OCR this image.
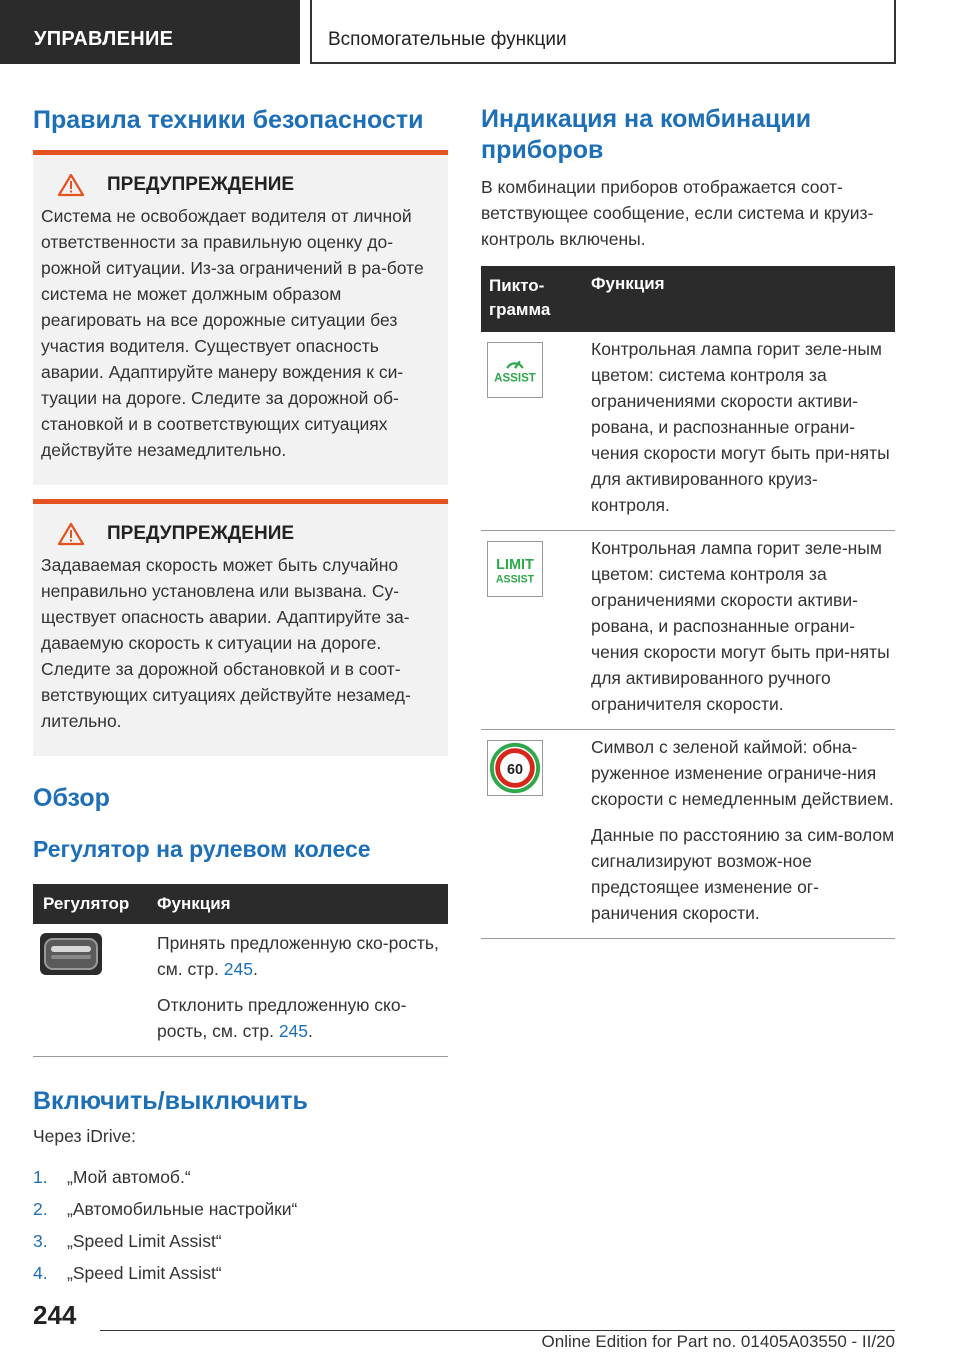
УПРАВЛЕНИЕ	Вспомогательные функции
Правила техники безопасности
ПРЕДУПРЕЖДЕНИЕ
Система не освобождает водителя от личной ответственности за правильную оценку до-рожной ситуации. Из-за ограничений в ра-боте система не может должным образом реагировать на все дорожные ситуации без участия водителя. Существует опасность аварии. Адаптируйте манеру вождения к си-туации на дороге. Следите за дорожной об-становкой и в соответствующих ситуациях действуйте незамедлительно.
ПРЕДУПРЕЖДЕНИЕ
Задаваемая скорость может быть случайно неправильно установлена или вызвана. Су-ществует опасность аварии. Адаптируйте за-даваемую скорость к ситуации на дороге. Следите за дорожной обстановкой и в соот-ветствующих ситуациях действуйте незамед-лительно.
Обзор
Регулятор на рулевом колесе
Регулятор	Функция

Принять предложенную ско-рость, см. стр. 245.

Отклонить предложенную ско-рость, см. стр. 245.

Включить/выключить
Через iDrive:
1.	„Мой автомоб.“
2.	„Автомобильные настройки“
3.	„Speed Limit Assist“
4.	„Speed Limit Assist“
Индикация на комбинации приборов
В комбинации приборов отображается соот-ветствующее сообщение, если система и круиз-контроль включены.
Пикто-грамма	Функция

ASSIST	Контрольная лампа горит зеле-ным цветом: система контроля за ограничениями скорости активи-рована, и распознанные ограни-чения скорости могут быть при-няты для активированного круиз-контроля.

LIMIT
ASSIST	Контрольная лампа горит зеле-ным цветом: система контроля за ограничениями скорости активи-рована, и распознанные ограни-чения скорости могут быть при-няты для активированного ручного ограничителя скорости.

60	Символ с зеленой каймой: обна-руженное изменение ограниче-ния скорости с немедленным действием.

Данные по расстоянию за сим-волом сигнализируют возмож-ное предстоящее изменение ог-раничения скорости.

244
Online Edition for Part no. 01405A03550 - II/20
